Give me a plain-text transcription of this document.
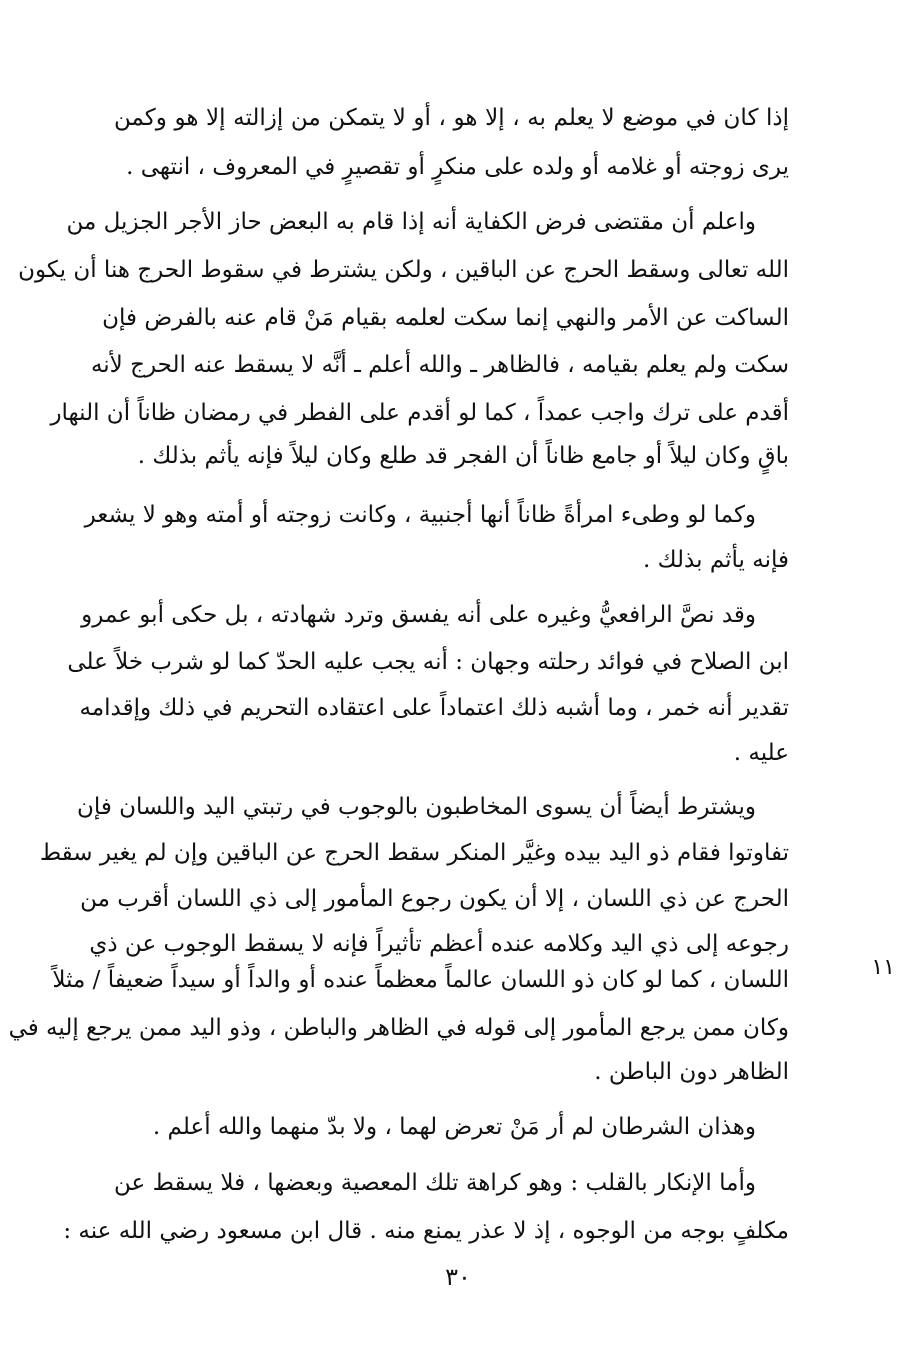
إذا كان في موضع لا يعلم به ، إلا هو ، أو لا يتمكن من إزالته إلا هو وكمن
يرى زوجته أو غلامه أو ولده على منكرٍ أو تقصيرٍ في المعروف ، انتهى .
واعلم أن مقتضى فرض الكفاية أنه إذا قام به البعض حاز الأجر الجزيل من
الله تعالى وسقط الحرج عن الباقين ، ولكن يشترط في سقوط الحرج هنا أن يكون
الساكت عن الأمر والنهي إنما سكت لعلمه بقيام مَنْ قام عنه بالفرض فإن
سكت ولم يعلم بقيامه ، فالظاهر ـ والله أعلم ـ أنَّه لا يسقط عنه الحرج لأنه
أقدم على ترك واجب عمداً ، كما لو أقدم على الفطر في رمضان ظاناً أن النهار
باقٍ وكان ليلاً أو جامع ظاناً أن الفجر قد طلع وكان ليلاً فإنه يأثم بذلك .
وكما لو وطىء امرأةً ظاناً أنها أجنبية ، وكانت زوجته أو أمته وهو لا يشعر
فإنه يأثم بذلك .
وقد نصَّ الرافعيُّ وغيره على أنه يفسق وترد شهادته ، بل حكى أبو عمرو
ابن الصلاح في فوائد رحلته وجهان : أنه يجب عليه الحدّ كما لو شرب خلاً على
تقدير أنه خمر ، وما أشبه ذلك اعتماداً على اعتقاده التحريم في ذلك وإقدامه
عليه .
ويشترط أيضاً أن يسوى المخاطبون بالوجوب في رتبتي اليد واللسان فإن
تفاوتوا فقام ذو اليد بيده وغيَّر المنكر سقط الحرج عن الباقين وإن لم يغير سقط
الحرج عن ذي اللسان ، إلا أن يكون رجوع المأمور إلى ذي اللسان أقرب من
رجوعه إلى ذي اليد وكلامه عنده أعظم تأثيراً فإنه لا يسقط الوجوب عن ذي
اللسان ، كما لو كان ذو اللسان عالماً معظماً عنده أو والداً أو سيداً ضعيفاً / مثلاً
وكان ممن يرجع المأمور إلى قوله في الظاهر والباطن ، وذو اليد ممن يرجع إليه في
الظاهر دون الباطن .
وهذان الشرطان لم أر مَنْ تعرض لهما ، ولا بدّ منهما والله أعلم .
وأما الإنكار بالقلب : وهو كراهة تلك المعصية وبعضها ، فلا يسقط عن
مكلفٍ بوجه من الوجوه ، إذ لا عذر يمنع منه . قال ابن مسعود رضي الله عنه :
١١
٣٠
